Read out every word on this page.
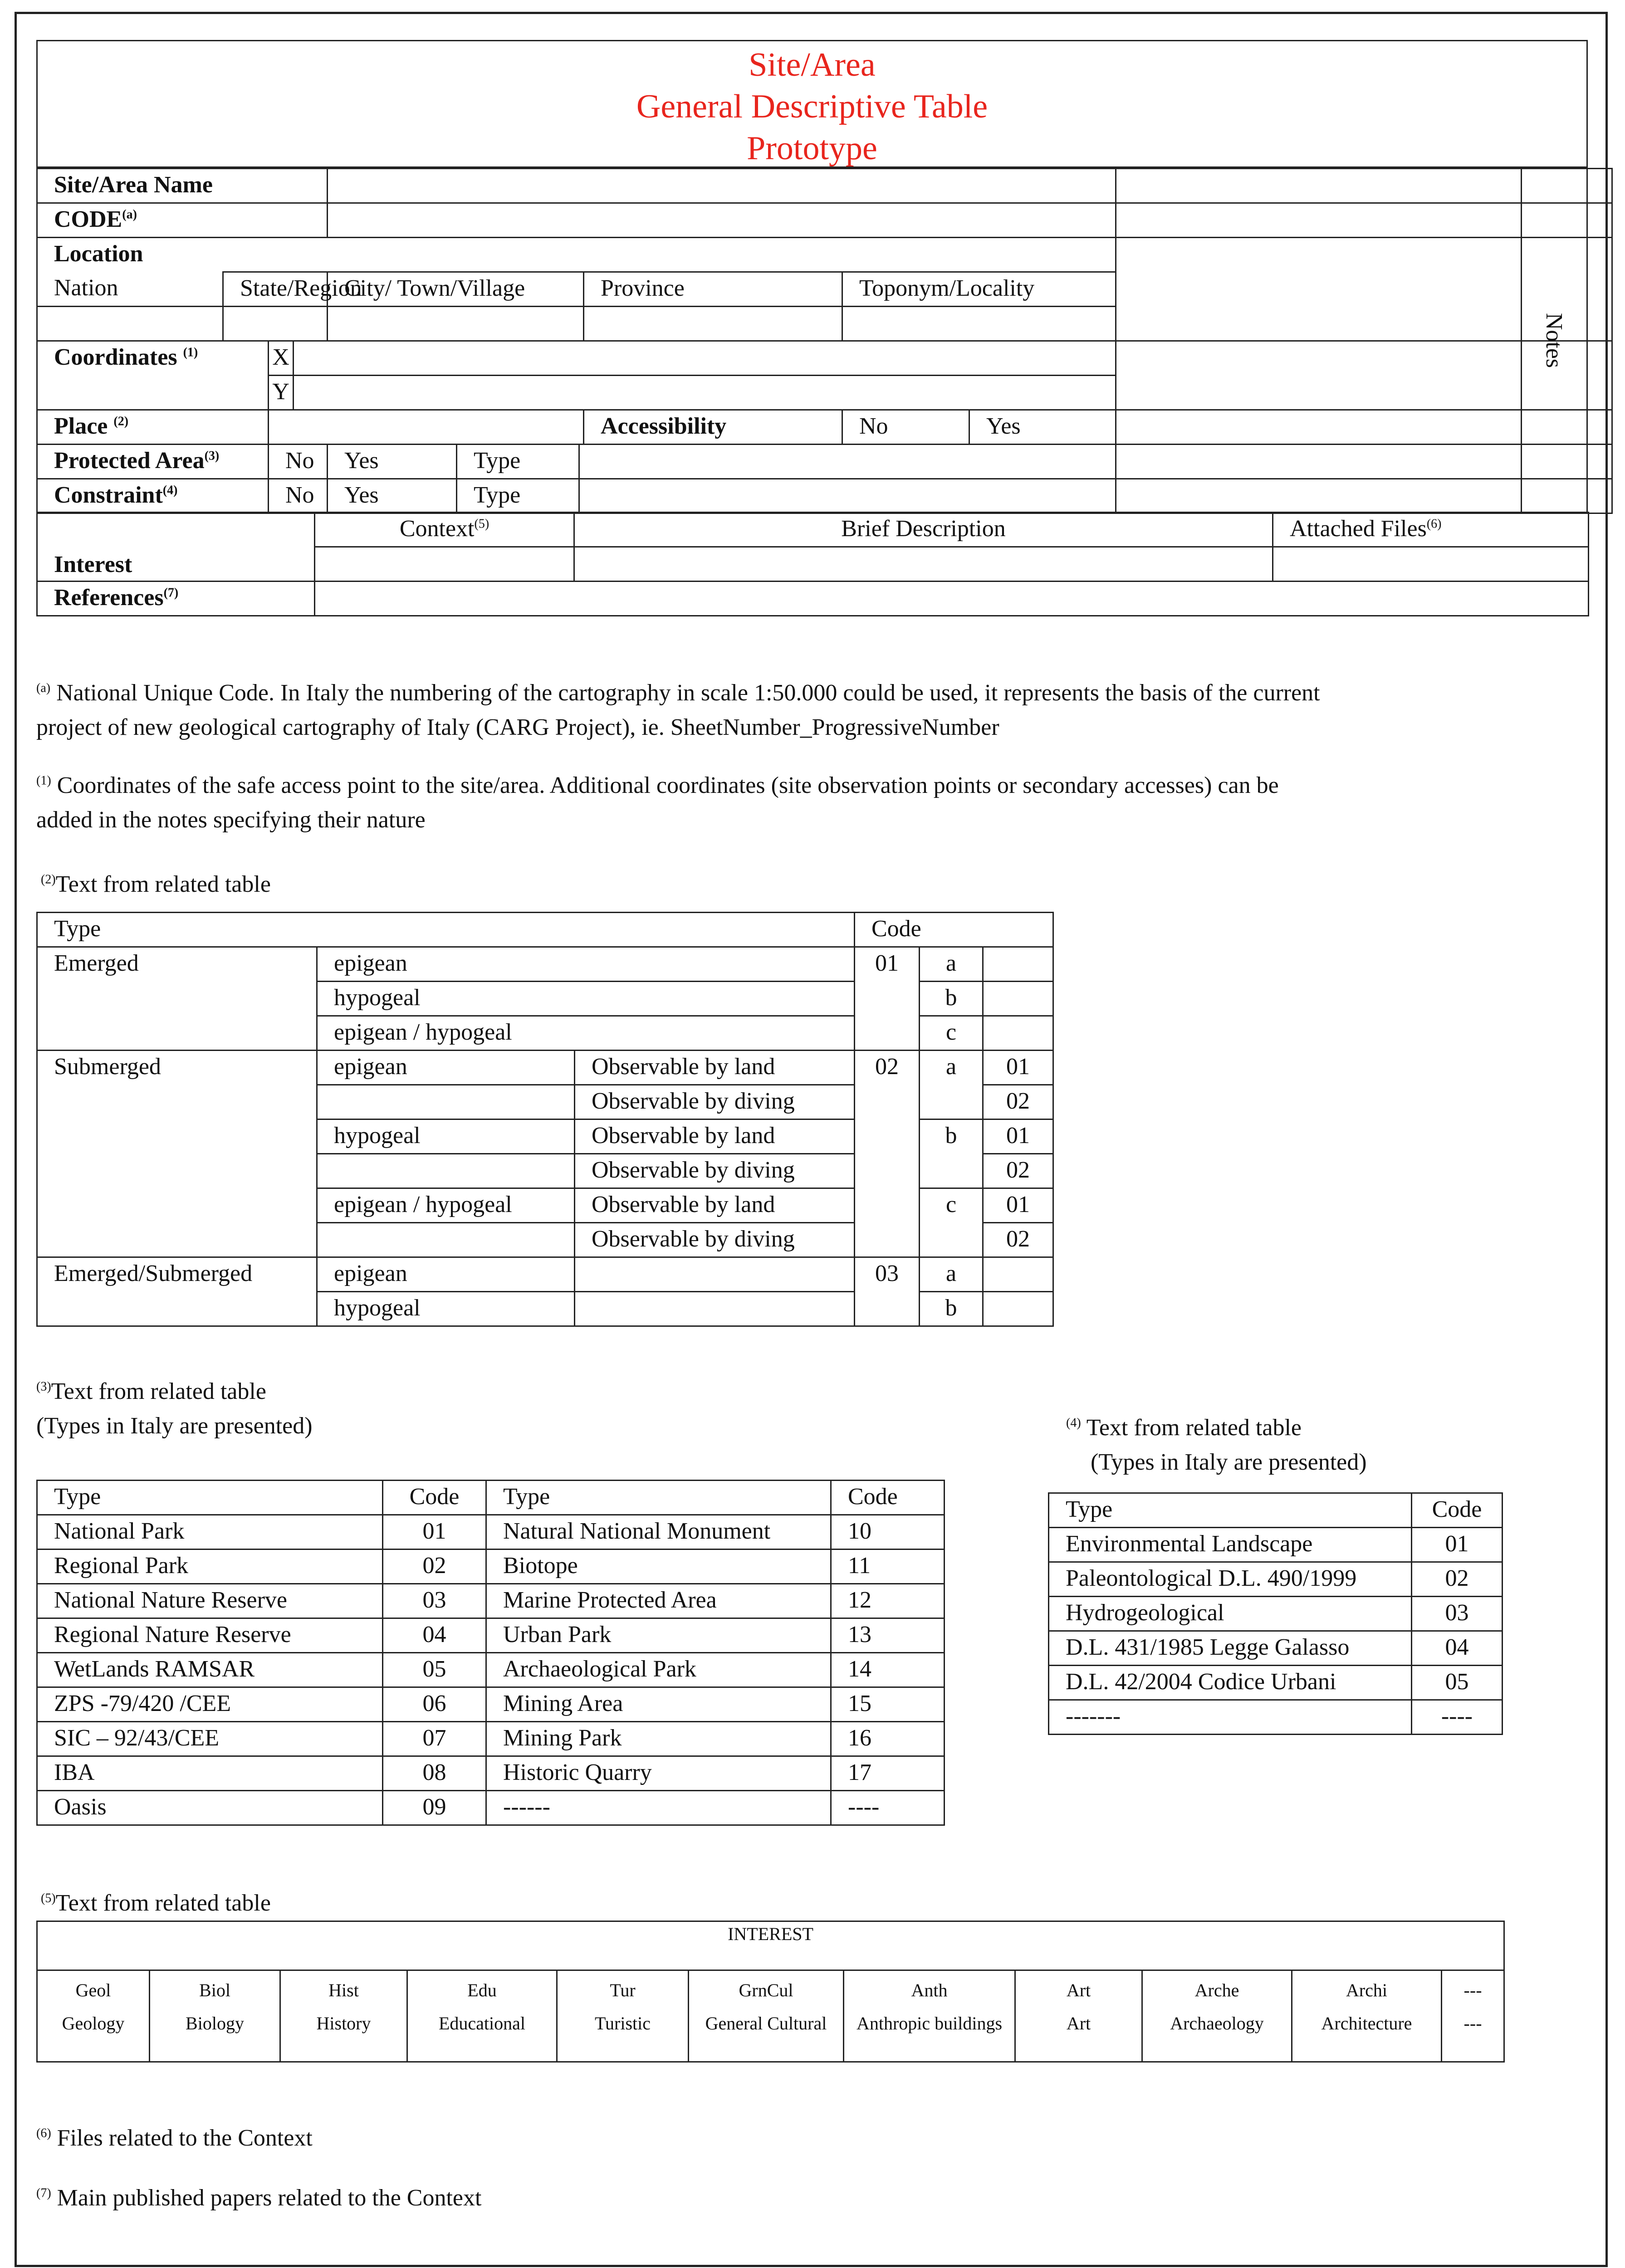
Site/Area
General Descriptive Table
Prototype
Site/Area Name										
CODE$^{(a)}$		
Location										
Nation	State/Region			City/ Town/Village			Province	Toponym/Locality		

Coordinates $^{(1)}$		X								
		Y								
Place $^{(2)}$							Accessibility	No	Yes	
Protected Area$^{(3)}$		No		Yes	Type					
Constraint$^{(4)}$		No		Yes	Type					
Notes
Interest	Context$^{(5)}$	Brief Description	Attached Files$^{(6)}$

References$^{(7)}$	
$^{(a)}$ National Unique Code. In Italy the numbering of the cartography in scale 1:50.000 could be used, it represents the basis of the current
project of new geological cartography of Italy (CARG Project), ie. SheetNumber_ProgressiveNumber
$^{(1)}$ Coordinates of the safe access point to the site/area. Additional coordinates (site observation points or secondary accesses) can be
added in the notes specifying their nature
$^{(2)}$Text from related table
Type			Code		
Emerged	epigean		01	a	
	hypogeal			b	
	epigean / hypogeal			c	
Submerged	epigean	Observable by land	02	a	01
		Observable by diving			02
	hypogeal	Observable by land		b	01
		Observable by diving			02
	epigean / hypogeal	Observable by land		c	01
		Observable by diving			02
Emerged/Submerged	epigean		03	a	
	hypogeal			b	
$^{(3)}$Text from related table
(Types in Italy are presented)	$^{(4)}$ Text from related table
(Types in Italy are presented)
Type	Code	Type	Code
National Park	01	Natural National Monument	10
Regional Park	02	Biotope	11
National Nature Reserve	03	Marine Protected Area	12
Regional Nature Reserve	04	Urban Park	13
WetLands RAMSAR	05	Archaeological Park	14
ZPS -79/420 /CEE	06	Mining Area	15
SIC – 92/43/CEE	07	Mining Park	16
IBA	08	Historic Quarry	17
Oasis	09	------	----
Type	Code
Environmental Landscape	01
Paleontological D.L. 490/1999	02
Hydrogeological	03
D.L. 431/1985 Legge Galasso	04
D.L. 42/2004 Codice Urbani	05
-------	----
$^{(5)}$Text from related table
INTEREST										
Geol	Biol	Hist	Edu	Tur	GrnCul	Anth	Art	Arche	Archi	---
Geology	Biology	History	Educational	Turistic	General Cultural	Anthropic buildings	Art	Archaeology	Architecture	---
$^{(6)}$ Files related to the Context
$^{(7)}$ Main published papers related to the Context
